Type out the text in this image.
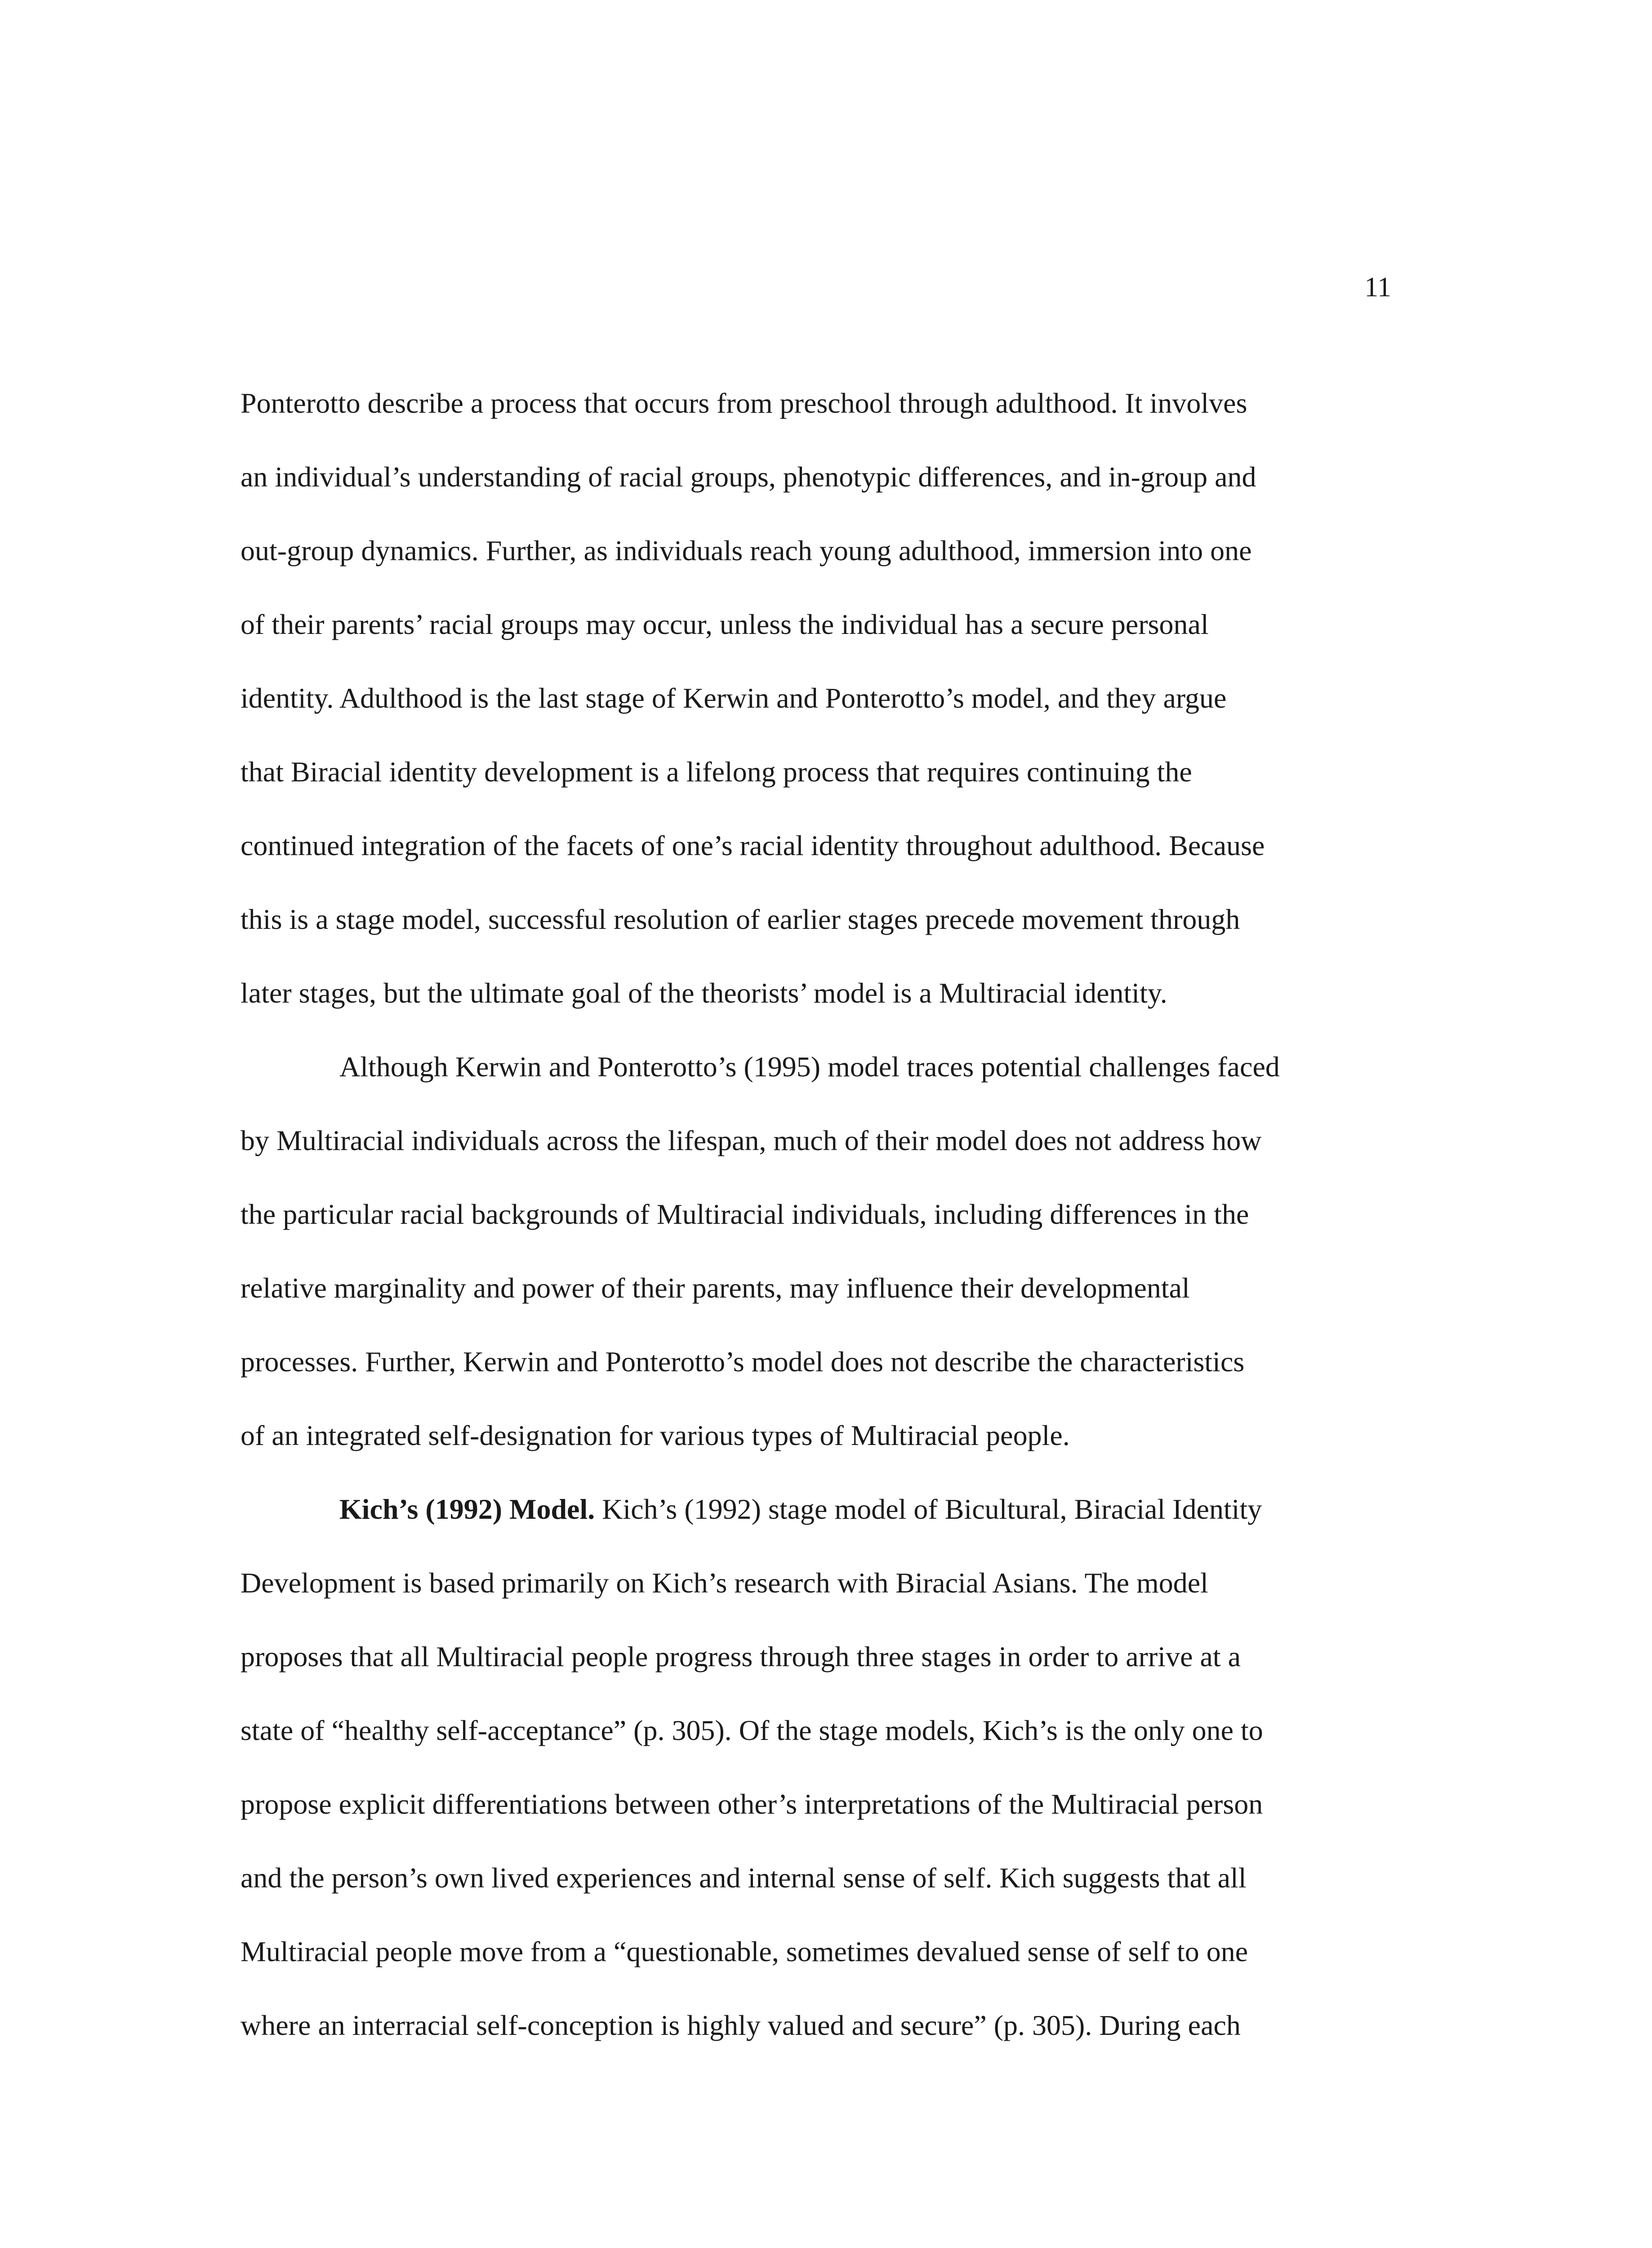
11
Ponterotto describe a process that occurs from preschool through adulthood. It involves
an individual’s understanding of racial groups, phenotypic differences, and in-group and
out-group dynamics. Further, as individuals reach young adulthood, immersion into one
of their parents’ racial groups may occur, unless the individual has a secure personal
identity. Adulthood is the last stage of Kerwin and Ponterotto’s model, and they argue
that Biracial identity development is a lifelong process that requires continuing the
continued integration of the facets of one’s racial identity throughout adulthood. Because
this is a stage model, successful resolution of earlier stages precede movement through
later stages, but the ultimate goal of the theorists’ model is a Multiracial identity.
Although Kerwin and Ponterotto’s (1995) model traces potential challenges faced
by Multiracial individuals across the lifespan, much of their model does not address how
the particular racial backgrounds of Multiracial individuals, including differences in the
relative marginality and power of their parents, may influence their developmental
processes. Further, Kerwin and Ponterotto’s model does not describe the characteristics
of an integrated self-designation for various types of Multiracial people.
Kich’s (1992) Model. Kich’s (1992) stage model of Bicultural, Biracial Identity
Development is based primarily on Kich’s research with Biracial Asians. The model
proposes that all Multiracial people progress through three stages in order to arrive at a
state of “healthy self-acceptance” (p. 305). Of the stage models, Kich’s is the only one to
propose explicit differentiations between other’s interpretations of the Multiracial person
and the person’s own lived experiences and internal sense of self. Kich suggests that all
Multiracial people move from a “questionable, sometimes devalued sense of self to one
where an interracial self-conception is highly valued and secure” (p. 305). During each
